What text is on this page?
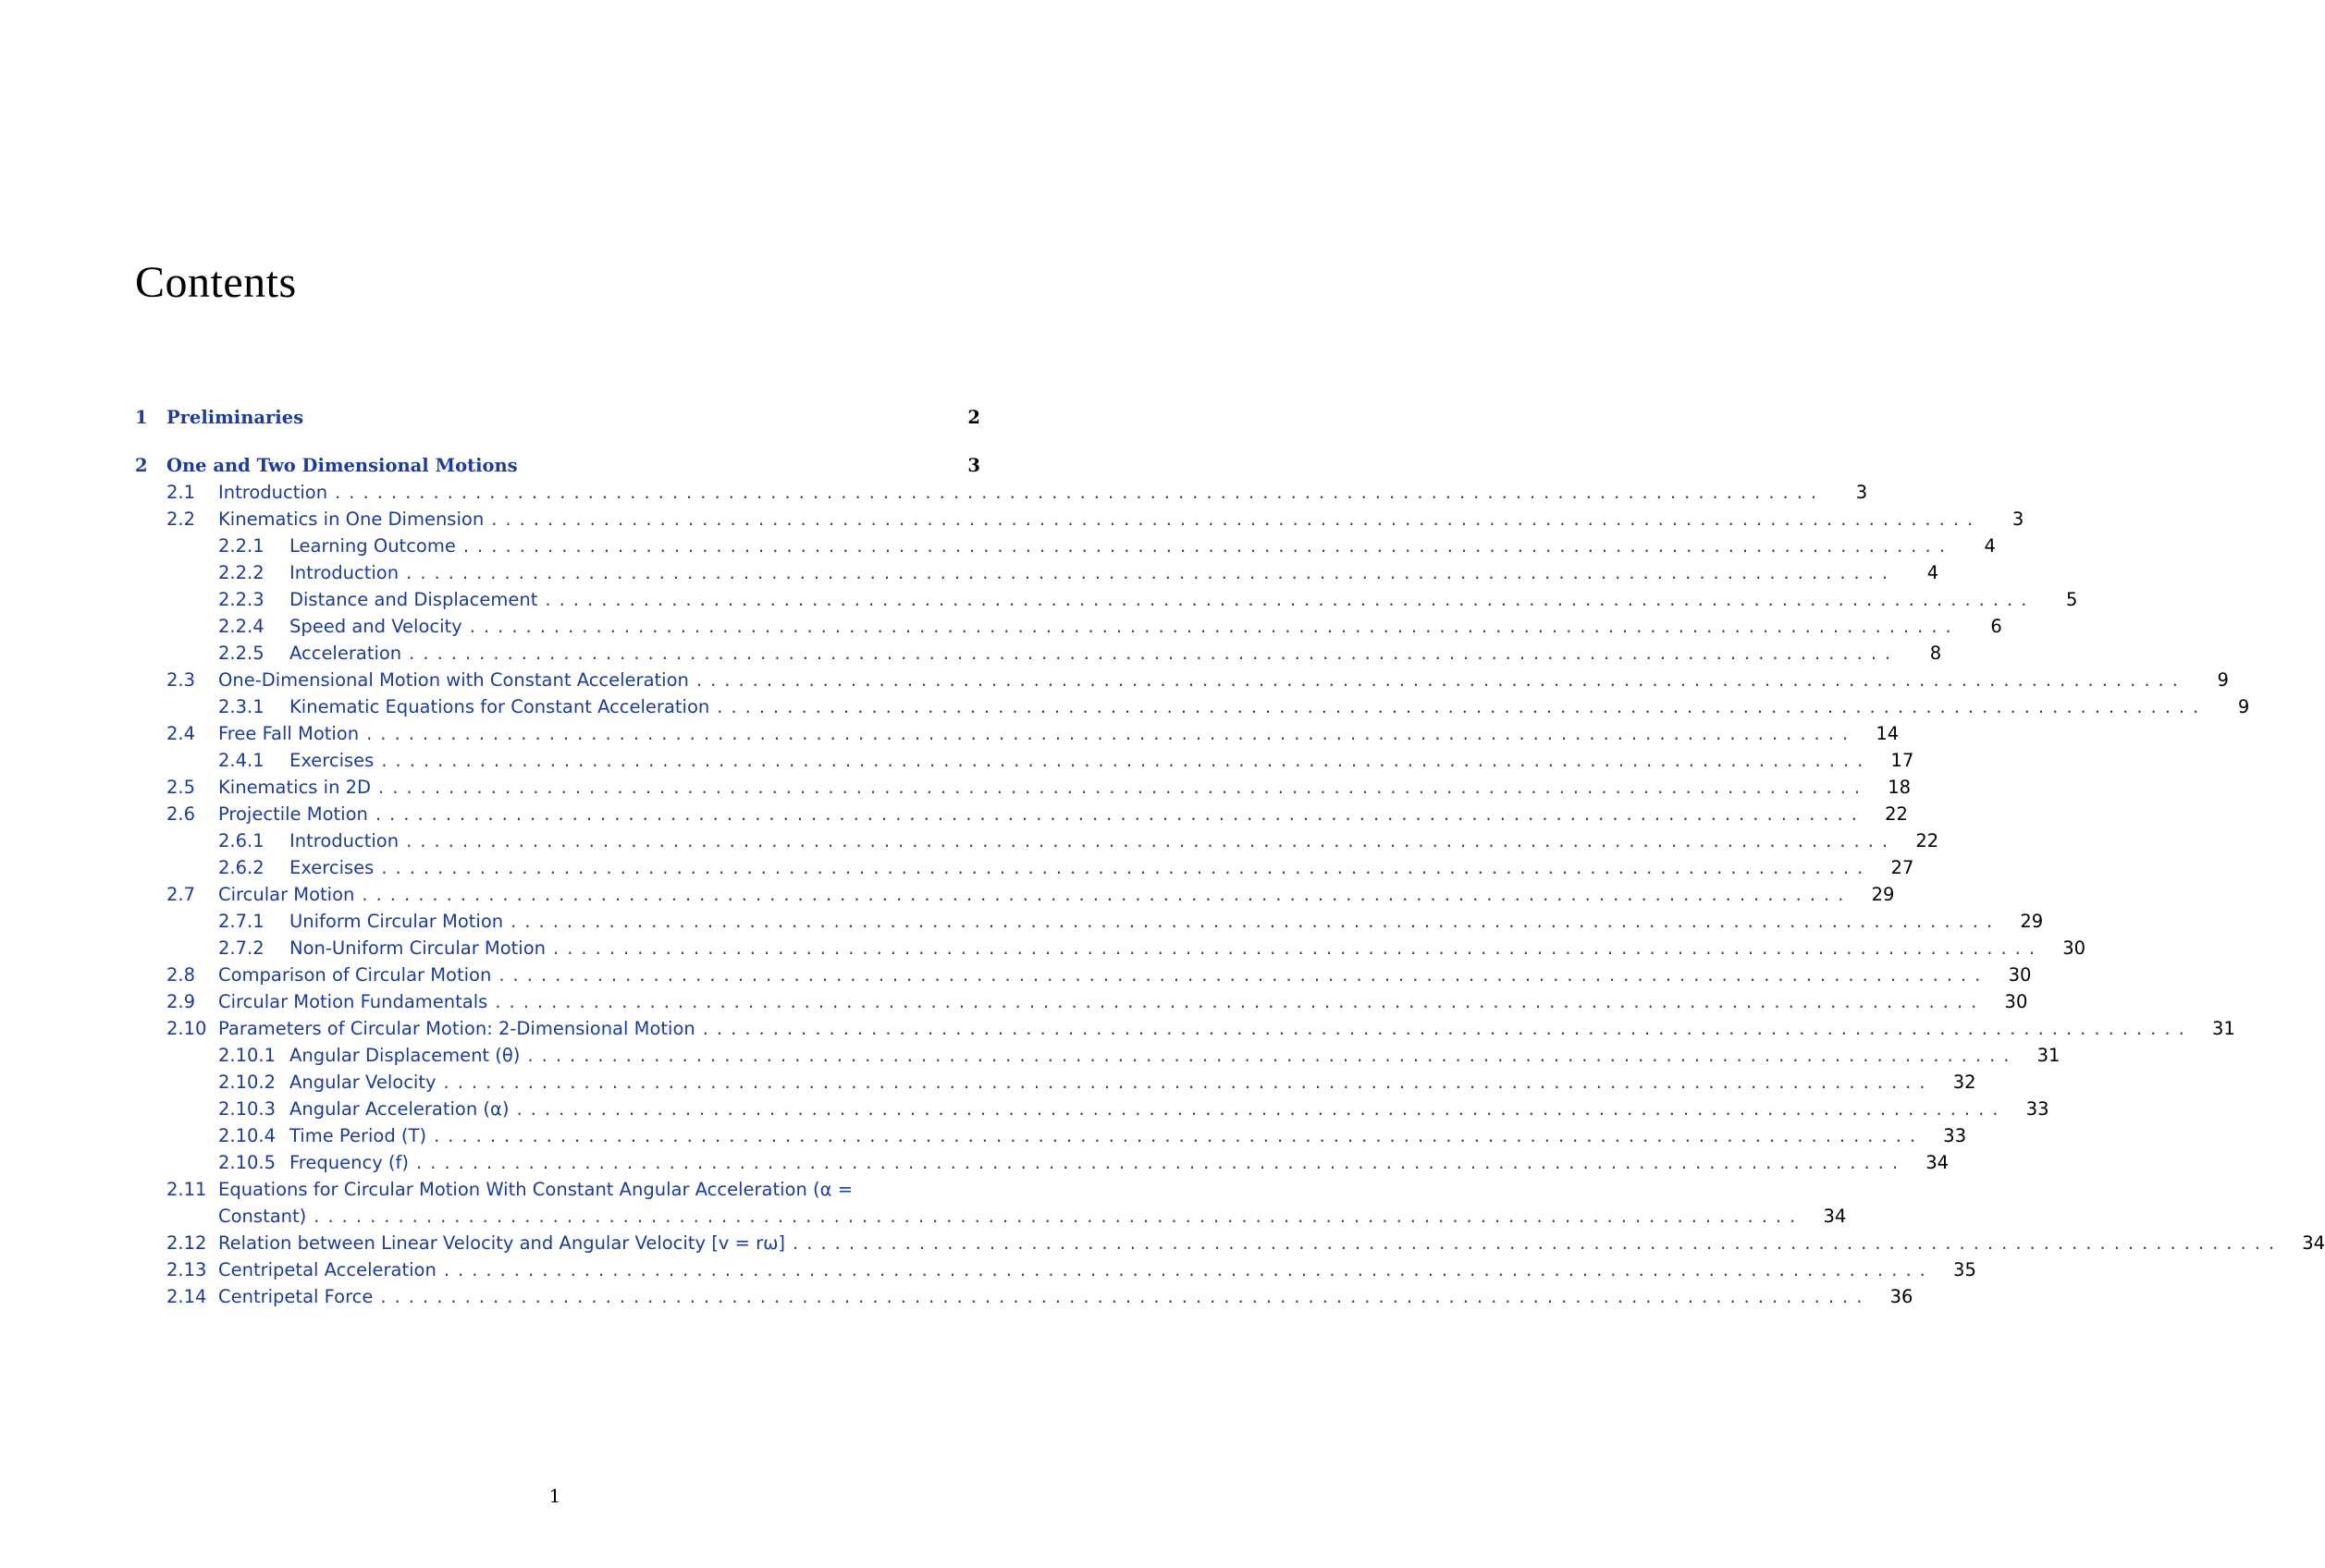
Contents
1	Preliminaries	2
2	One and Two Dimensional Motions	3
2.1	Introduction ..........................................................................................................	3
2.2	Kinematics in One Dimension ..........................................................................................................	3
2.2.1	Learning Outcome ..........................................................................................................	4
2.2.2	Introduction ..........................................................................................................	4
2.2.3	Distance and Displacement ..........................................................................................................	5
2.2.4	Speed and Velocity ..........................................................................................................	6
2.2.5	Acceleration ..........................................................................................................	8
2.3	One-Dimensional Motion with Constant Acceleration ..........................................................................................................	9
2.3.1	Kinematic Equations for Constant Acceleration ..........................................................................................................	9
2.4	Free Fall Motion ..........................................................................................................	14
2.4.1	Exercises ..........................................................................................................	17
2.5	Kinematics in 2D ..........................................................................................................	18
2.6	Projectile Motion ..........................................................................................................	22
2.6.1	Introduction ..........................................................................................................	22
2.6.2	Exercises ..........................................................................................................	27
2.7	Circular Motion ..........................................................................................................	29
2.7.1	Uniform Circular Motion ..........................................................................................................	29
2.7.2	Non-Uniform Circular Motion ..........................................................................................................	30
2.8	Comparison of Circular Motion ..........................................................................................................	30
2.9	Circular Motion Fundamentals ..........................................................................................................	30
2.10 Parameters of Circular Motion: 2-Dimensional Motion ..........................................................................................................	31
2.10.1 Angular Displacement (θ) ..........................................................................................................	31
2.10.2 Angular Velocity ..........................................................................................................	32
2.10.3 Angular Acceleration (α) ..........................................................................................................	33
2.10.4 Time Period (T) ..........................................................................................................	33
2.10.5 Frequency (f) ..........................................................................................................	34
2.11 Equations for Circular Motion With Constant Angular Acceleration (α =
Constant) ..........................................................................................................	34
2.12 Relation between Linear Velocity and Angular Velocity [v = rω] ..........................................................................................................	34
2.13 Centripetal Acceleration ..........................................................................................................	35
2.14 Centripetal Force ..........................................................................................................	36
1
